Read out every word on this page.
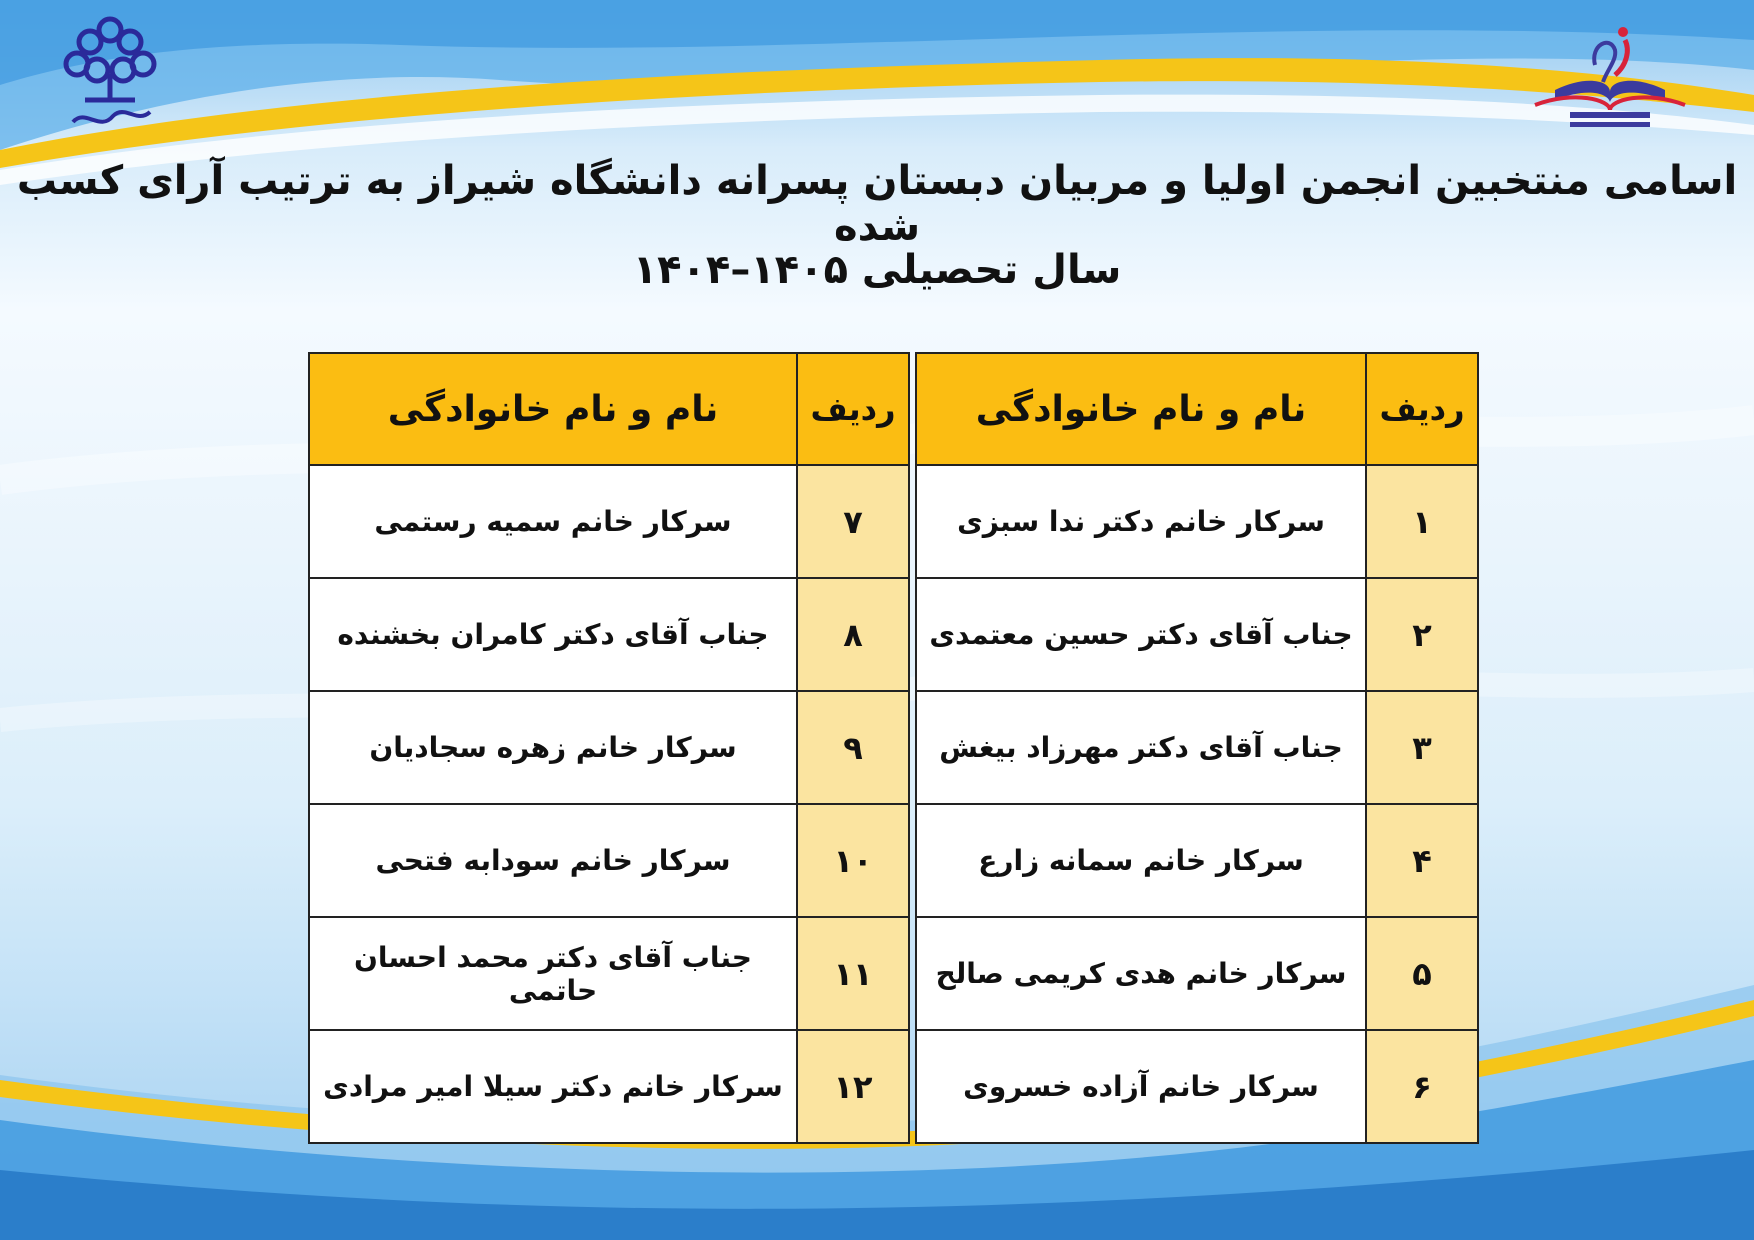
اسامی منتخبین انجمن اولیا و مربیان دبستان پسرانه دانشگاه شیراز به ترتیب آرای کسب شده
سال تحصیلی ۱۴۰۵–۱۴۰۴
ردیف	نام و نام خانوادگی
۱	سرکار خانم دکتر ندا سبزی
۲	جناب آقای دکتر حسین معتمدی
۳	جناب آقای دکتر مهرزاد بیغش
۴	سرکار خانم سمانه زارع
۵	سرکار خانم هدی کریمی صالح
۶	سرکار خانم آزاده خسروی
ردیف	نام و نام خانوادگی
۷	سرکار خانم سمیه رستمی
۸	جناب آقای دکتر کامران بخشنده
۹	سرکار خانم زهره سجادیان
۱۰	سرکار خانم سودابه فتحی
۱۱	جناب آقای دکتر محمد احسان حاتمی
۱۲	سرکار خانم دکتر سیلا امیر مرادی
